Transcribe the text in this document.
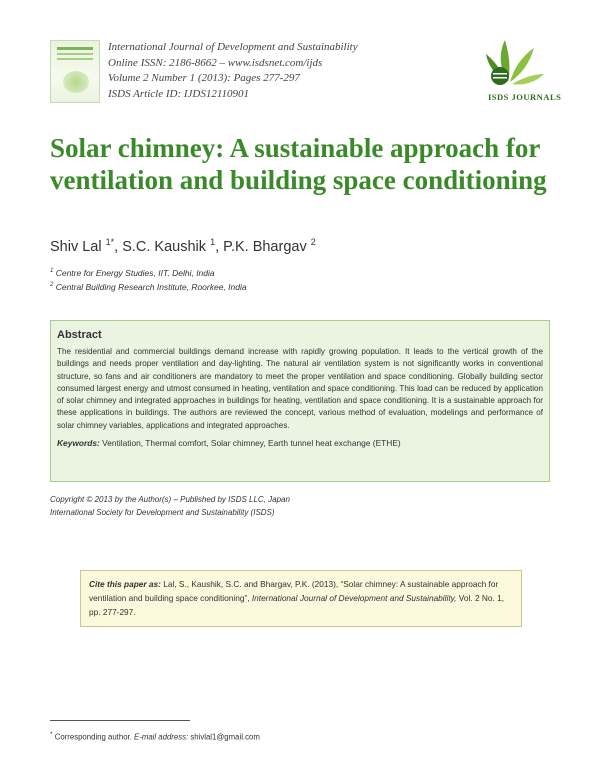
International Journal of Development and Sustainability
Online ISSN: 2186-8662 – www.isdsnet.com/ijds
Volume 2 Number 1 (2013): Pages 277-297
ISDS Article ID: IJDS12110901	ISDS JOURNALS
Solar chimney: A sustainable approach for ventilation and building space conditioning
Shiv Lal $^{1*}$, S.C. Kaushik $^1$, P.K. Bhargav $^2$
$^1$ Centre for Energy Studies, IIT, Delhi, India
$^2$ Central Building Research Institute, Roorkee, India
Abstract
The residential and commercial buildings demand increase with rapidly growing population. It leads to the vertical growth of the buildings and needs proper ventilation and day-lighting. The natural air ventilation system is not significantly works in conventional structure, so fans and air conditioners are mandatory to meet the proper ventilation and space conditioning. Globally building sector consumed largest energy and utmost consumed in heating, ventilation and space conditioning. This load can be reduced by application of solar chimney and integrated approaches in buildings for heating, ventilation and space conditioning. It is a sustainable approach for these applications in buildings. The authors are reviewed the concept, various method of evaluation, modelings and performance of solar chimney variables, applications and integrated approaches.
Keywords: Ventilation, Thermal comfort, Solar chimney, Earth tunnel heat exchange (ETHE)
Copyright © 2013 by the Author(s) – Published by ISDS LLC, Japan
International Society for Development and Sustainability (ISDS)
Cite this paper as: Lal, S., Kaushik, S.C. and Bhargav, P.K. (2013), “Solar chimney: A sustainable approach for ventilation and building space conditioning”, International Journal of Development and Sustainability, Vol. 2 No. 1, pp. 277-297.
* Corresponding author. E-mail address: shivlal1@gmail.com
